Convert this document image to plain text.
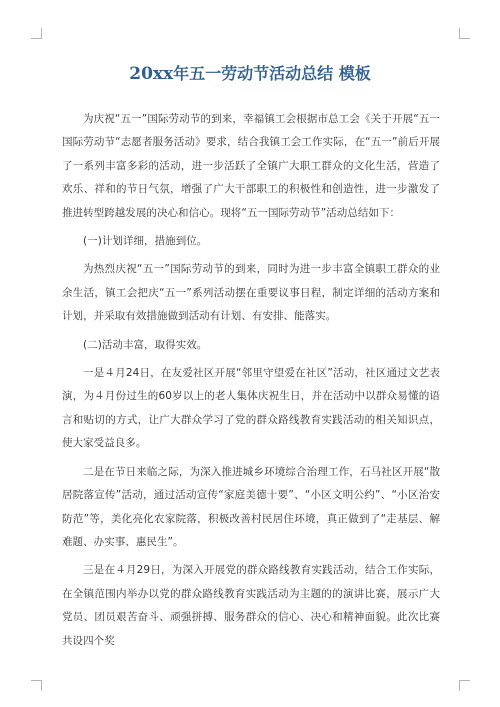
20xx年五一劳动节活动总结 模板

为庆祝“五一”国际劳动节的到来，幸福镇工会根据市总工会《关于开展“五一国际劳动节“志愿者服务活动》要求，结合我镇工会工作实际，在“五一”前后开展了一系列丰富多彩的活动，进一步活跃了全镇广大职工群众的文化生活，营造了欢乐、祥和的节日气氛，增强了广大干部职工的积极性和创造性，进一步激发了推进转型跨越发展的决心和信心。现将“五一国际劳动节”活动总结如下：

(一)计划详细，措施到位。

为热烈庆祝“五一”国际劳动节的到来，同时为进一步丰富全镇职工群众的业余生活，镇工会把庆“五一”系列活动摆在重要议事日程，制定详细的活动方案和计划，并采取有效措施做到活动有计划、有安排、能落实。

(二)活动丰富，取得实效。

一是４月24日，在友爱社区开展“邻里守望爱在社区”活动，社区通过文艺表演，为４月份过生的60岁以上的老人集体庆祝生日，并在活动中以群众易懂的语言和贴切的方式，让广大群众学习了党的群众路线教育实践活动的相关知识点，使大家受益良多。

二是在节日来临之际，为深入推进城乡环境综合治理工作，石马社区开展“散居院落宣传”活动，通过活动宣传“家庭美德十要”、“小区文明公约”、“小区治安防范”等，美化亮化农家院落，积极改善村民居住环境，真正做到了“走基层、解难题、办实事、惠民生”。

三是在４月29日，为深入开展党的群众路线教育实践活动，结合工作实际，在全镇范围内举办以党的群众路线教育实践活动为主题的的演讲比赛，展示广大党员、团员艰苦奋斗、顽强拼搏、服务群众的信心、决心和精神面貌。此次比赛共设四个奖
